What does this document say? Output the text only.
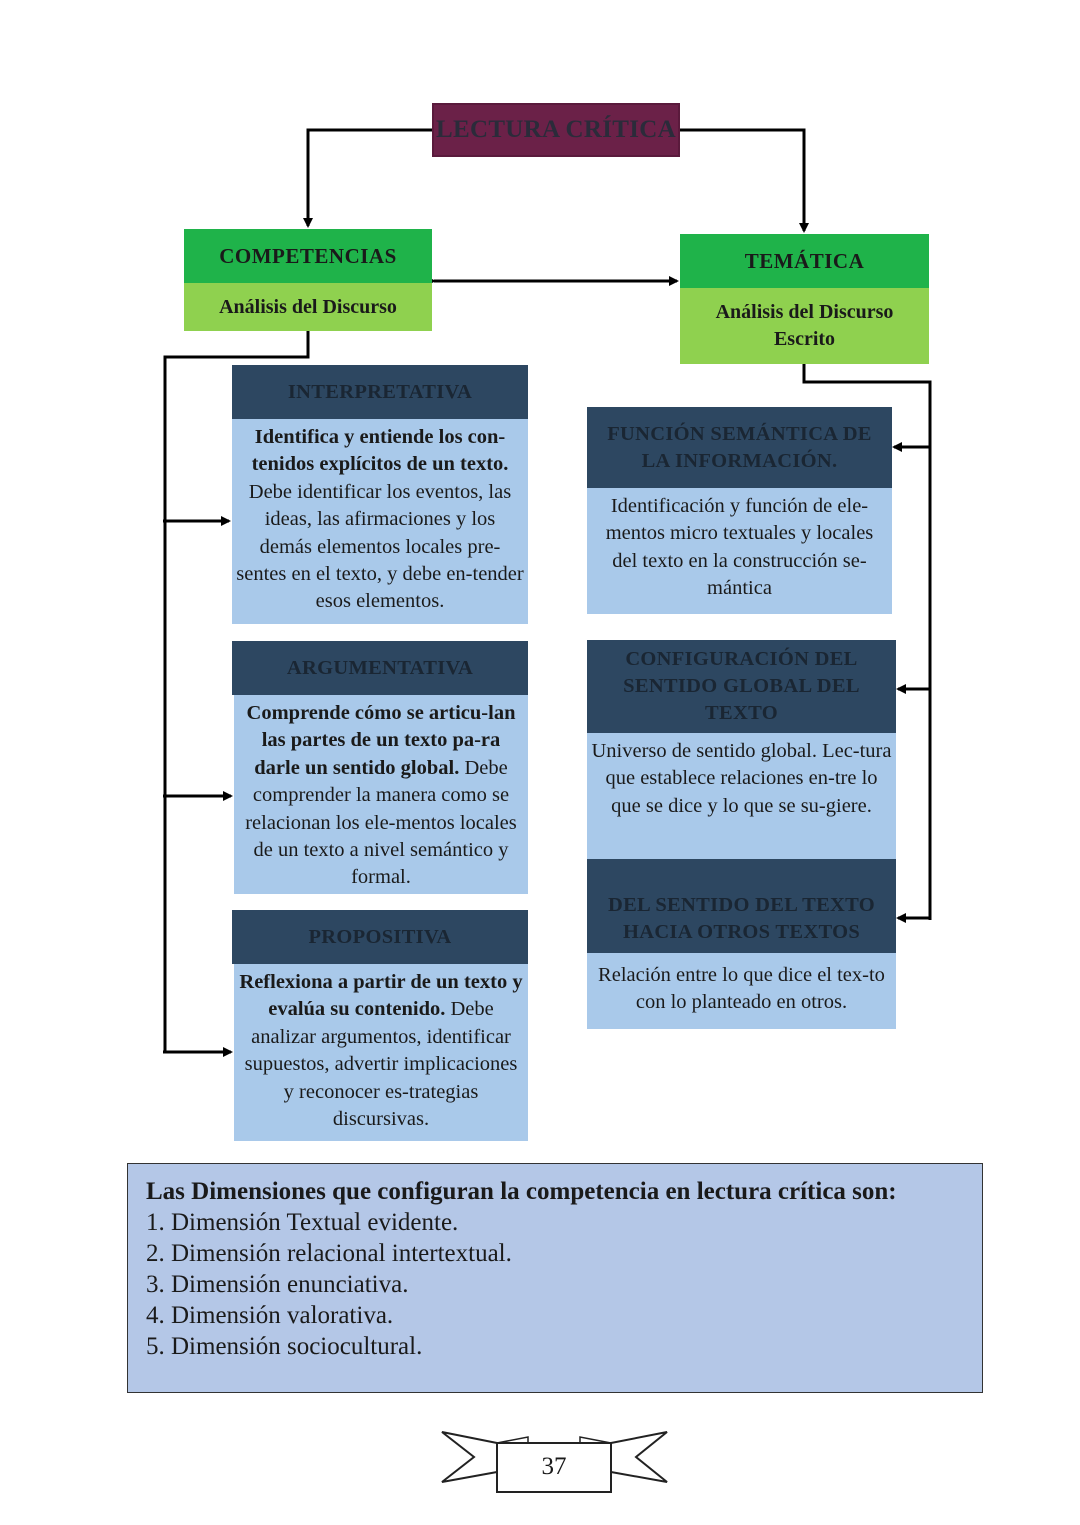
LECTURA CRÍTICA
COMPETENCIAS
Análisis del Discurso
TEMÁTICA
Análisis del Discurso Escrito
INTERPRETATIVA
Identifica y entiende los con-tenidos explícitos de un texto. Debe identificar los eventos, las ideas, las afirmaciones y los demás elementos locales pre-sentes en el texto, y debe en-tender esos elementos.
ARGUMENTATIVA
Comprende cómo se articu-lan las partes de un texto pa-ra darle un sentido global. Debe comprender la manera como se relacionan los ele-mentos locales de un texto a nivel semántico y formal.
PROPOSITIVA
Reflexiona a partir de un texto y evalúa su contenido. Debe analizar argumentos, identificar supuestos, advertir implicaciones y reconocer es-trategias discursivas.
FUNCIÓN SEMÁNTICA DE LA INFORMACIÓN.
Identificación y función de ele-mentos micro textuales y locales del texto en la construcción se-mántica
CONFIGURACIÓN DEL SENTIDO GLOBAL DEL TEXTO
Universo de sentido global. Lec-tura que establece relaciones en-tre lo que se dice y lo que se su-giere.
DEL SENTIDO DEL TEXTO HACIA OTROS TEXTOS
Relación entre lo que dice el tex-to con lo planteado en otros.
Las Dimensiones que configuran la competencia en lectura crítica son:
1. Dimensión Textual evidente.
2. Dimensión relacional intertextual.
3. Dimensión enunciativa.
4. Dimensión valorativa.
5. Dimensión sociocultural.
37
